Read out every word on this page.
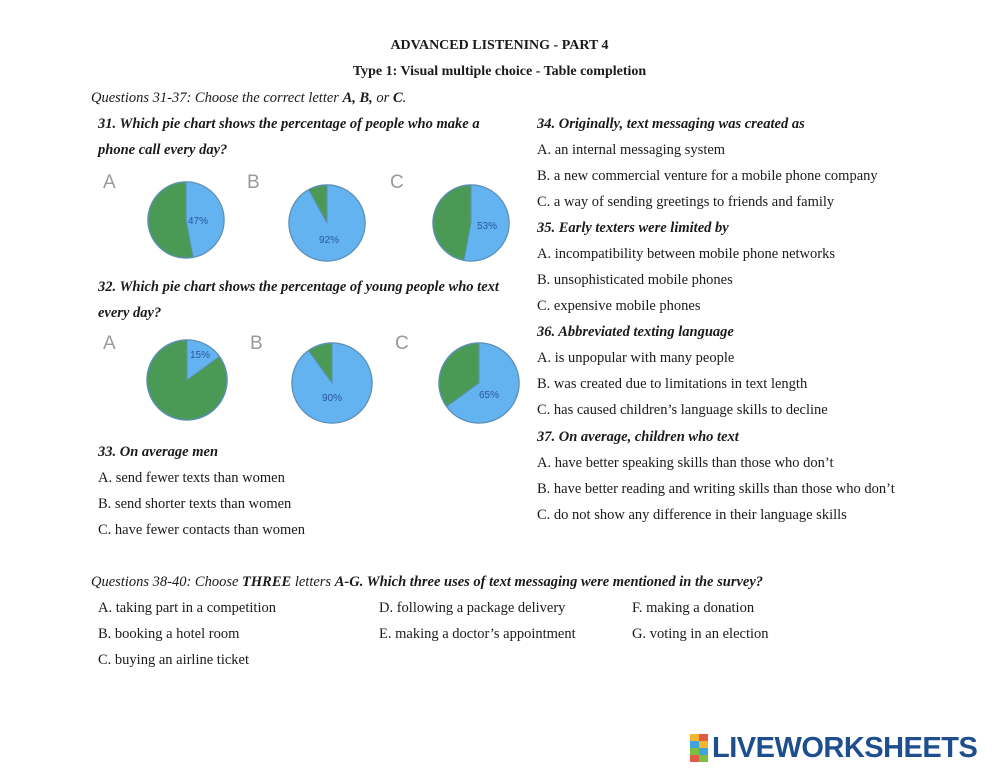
ADVANCED LISTENING - PART 4
Type 1: Visual multiple choice - Table completion
Questions 31-37: Choose the correct letter A, B, or C.
31. Which pie chart shows the percentage of people who make a
phone call every day?
A	B	C
47%
92%
53%
32. Which pie chart shows the percentage of young people who text
every day?
A	B	C
15%
90%	65%
33. On average men
A. send fewer texts than women
B. send shorter texts than women
C. have fewer contacts than women
34. Originally, text messaging was created as
A. an internal messaging system
B. a new commercial venture for a mobile phone company
C. a way of sending greetings to friends and family
35. Early texters were limited by
A. incompatibility between mobile phone networks
B. unsophisticated mobile phones
C. expensive mobile phones
36. Abbreviated texting language
A. is unpopular with many people
B. was created due to limitations in text length
C. has caused children’s language skills to decline
37. On average, children who text
A. have better speaking skills than those who don’t
B. have better reading and writing skills than those who don’t
C. do not show any difference in their language skills
Questions 38-40: Choose THREE letters A-G. Which three uses of text messaging were mentioned in the survey?
A. taking part in a competition
B. booking a hotel room
C. buying an airline ticket
D. following a package delivery
E. making a doctor’s appointment
F. making a donation
G. voting in an election
LIVEWORKSHEETS
